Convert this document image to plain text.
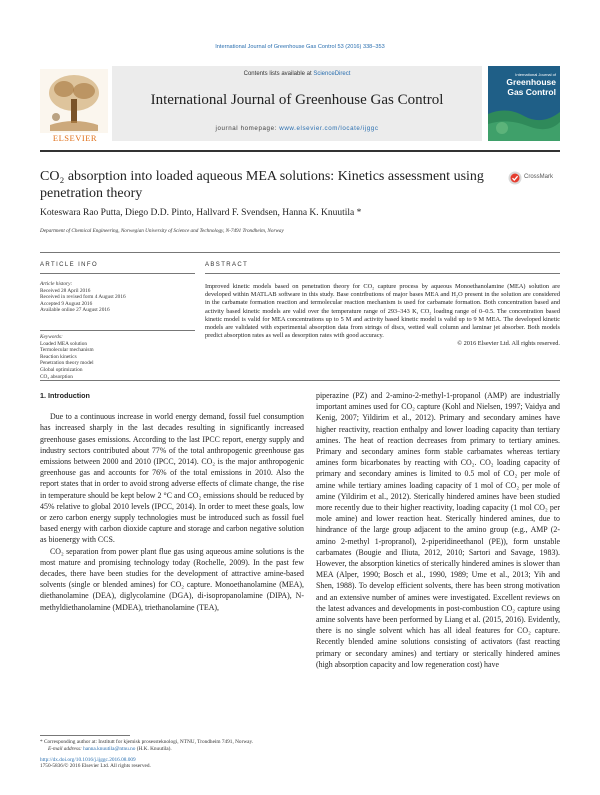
International Journal of Greenhouse Gas Control 53 (2016) 338–353
ELSEVIER
Contents lists available at ScienceDirect
International Journal of Greenhouse Gas Control
journal homepage: www.elsevier.com/locate/ijggc
International Journal of
Greenhouse
Gas Control
CO₂ absorption into loaded aqueous MEA solutions: Kinetics assessment using penetration theory
CrossMark
Koteswara Rao Putta, Diego D.D. Pinto, Hallvard F. Svendsen, Hanna K. Knuutila *
Department of Chemical Engineering, Norwegian University of Science and Technology, N-7491 Trondheim, Norway
ARTICLE INFO	ABSTRACT
Article history:
Received 28 April 2016
Received in revised form 4 August 2016
Accepted 9 August 2016
Available online 27 August 2016
Keywords:
Loaded MEA solution
Termolecular mechanism
Reaction kinetics
Penetration theory model
Global optimization
CO₂ absorption

Improved kinetic models based on penetration theory for CO₂ capture process by aqueous Monoethanolamine (MEA) solution are developed within MATLAB software in this study. Base contributions of major bases MEA and H₂O present in the solution are considered in the carbamate formation reaction and termolecular reaction mechanism is used for carbamate formation. Both concentration based and activity based kinetic models are valid over the temperature range of 293–343 K, CO₂ loading range of 0–0.5. The concentration based kinetic model is valid for MEA concentrations up to 5 M and activity based kinetic model is valid up to 9 M MEA. The developed kinetic models are validated with experimental absorption data from strings of discs, wetted wall column and laminar jet absorber. Both models predict absorption rates as well as desorption rates with good accuracy.

© 2016 Elsevier Ltd. All rights reserved.

1. Introduction

Due to a continuous increase in world energy demand, fossil fuel consumption has increased sharply in the last decades resulting in significantly increased greenhouse gases emissions. According to the last IPCC report, energy supply and industry sectors contributed about 77% of the total anthropogenic greenhouse gas emissions between 2000 and 2010 (IPCC, 2014). CO₂ is the major anthropogenic greenhouse gas and accounts for 76% of the total emissions in 2010. Also the report states that in order to avoid strong adverse effects of climate change, the rise in temperature should be kept below 2 °C and CO₂ emissions should be reduced by 45% relative to global 2010 levels (IPCC, 2014). In order to meet these goals, low or zero carbon energy supply technologies must be introduced such as fossil fuel based energy with carbon dioxide capture and storage and carbon negative solution as bioenergy with CCS.

CO₂ separation from power plant flue gas using aqueous amine solutions is the most mature and promising technology today (Rochelle, 2009). In the past few decades, there have been studies for the development of attractive amine-based solvents (single or blended amines) for CO₂ capture. Monoethanolamine (MEA), diethanolamine (DEA), diglycolamine (DGA), di-isopropanolamine (DIPA), N-methyldiethanolamine (MDEA), triethanolamine (TEA),

piperazine (PZ) and 2-amino-2-methyl-1-propanol (AMP) are industrially important amines used for CO₂ capture (Kohl and Nielsen, 1997; Vaidya and Kenig, 2007; Yildirim et al., 2012). Primary and secondary amines have higher reactivity, reaction enthalpy and lower loading capacity than tertiary amines. The heat of reaction decreases from primary to tertiary amines. Primary and secondary amines form stable carbamates whereas tertiary amines form bicarbonates by reacting with CO₂. CO₂ loading capacity of primary and secondary amines is limited to 0.5 mol of CO₂ per mole of amine while tertiary amines loading capacity of 1 mol of CO₂ per mole of amine (Yildirim et al., 2012). Sterically hindered amines have been studied more recently due to their higher reactivity, loading capacity (1 mol CO₂ per mole amine) and lower reaction heat. Sterically hindered amines, due to hindrance of the large group adjacent to the amino group (e.g., AMP (2-amino 2-methyl 1-propranol), 2-piperidineethanol (PE)), form unstable carbamates (Bougie and Iliuta, 2012, 2010; Sartori and Savage, 1983). However, the absorption kinetics of sterically hindered amines is slower than MEA (Alper, 1990; Bosch et al., 1990, 1989; Ume et al., 2013; Yih and Shen, 1988). To develop efficient solvents, there has been strong motivation and an extensive number of amines were investigated. Excellent reviews on the latest advances and developments in post-combustion CO₂ capture using amine solvents have been performed by Liang et al. (2015, 2016). Evidently, there is no single solvent which has all ideal features for CO₂ capture. Recently blended amine solutions consisting of activators (fast reacting primary or secondary amines) and tertiary or sterically hindered amines (high absorption capacity and low regeneration cost) have

* Corresponding author at: Institutt for kjemisk prosessteknologi, NTNU, Trondheim 7491, Norway.
E-mail address: hanna.knuutila@ntnu.no (H.K. Knuutila).
http://dx.doi.org/10.1016/j.ijggc.2016.08.009
1750-5836/© 2016 Elsevier Ltd. All rights reserved.
